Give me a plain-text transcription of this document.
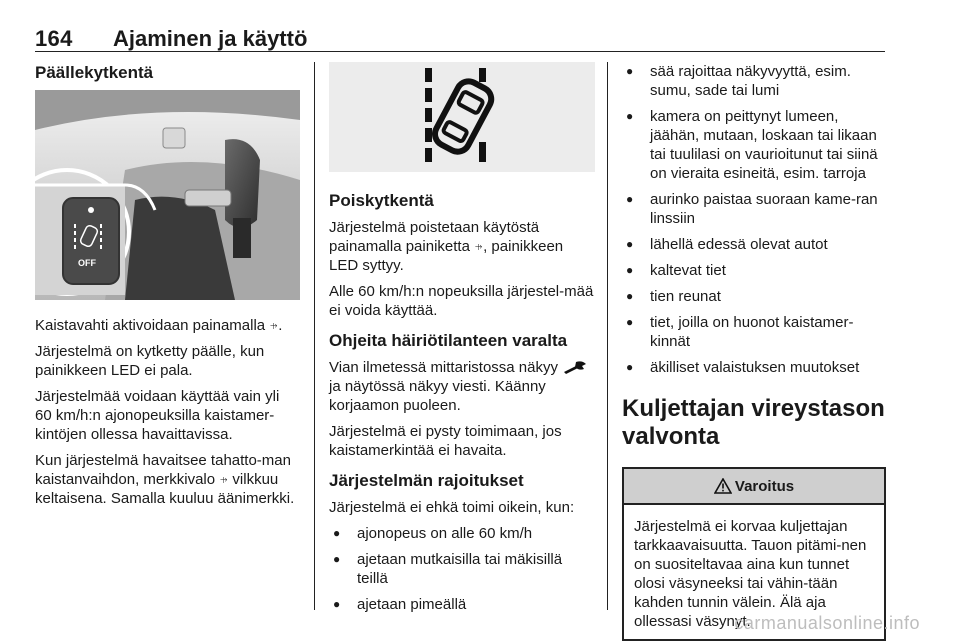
164 Ajaminen ja käyttö
Päällekytkentä
OFF

Kaistavahti aktivoidaan painamalla ⍆.

Järjestelmä on kytketty päälle, kun painikkeen LED ei pala.

Järjestelmää voidaan käyttää vain yli 60 km/h:n ajonopeuksilla kaistamer-kintöjen ollessa havaittavissa.

Kun järjestelmä havaitsee tahatto-man kaistanvaihdon, merkkivalo ⍆ vilkkuu keltaisena. Samalla kuuluu äänimerkki.

Poiskytkentä

Järjestelmä poistetaan käytöstä painamalla painiketta ⍆, painikkeen LED syttyy.

Alle 60 km/h:n nopeuksilla järjestel-mää ei voida käyttää.

Ohjeita häiriötilanteen varalta

Vian ilmetessä mittaristossa näkyy  ja näytössä näkyy viesti. Käänny korjaamon puoleen.

Järjestelmä ei pysty toimimaan, jos kaistamerkintää ei havaita.

Järjestelmän rajoitukset

Järjestelmä ei ehkä toimi oikein, kun:

● ajonopeus on alle 60 km/h
● ajetaan mutkaisilla tai mäkisillä teillä
● ajetaan pimeällä
● sää rajoittaa näkyvyyttä, esim. sumu, sade tai lumi
● kamera on peittynyt lumeen, jäähän, mutaan, loskaan tai likaan tai tuulilasi on vaurioitunut tai siinä on vieraita esineitä, esim. tarroja
● aurinko paistaa suoraan kame-ran linssiin
● lähellä edessä olevat autot
● kaltevat tiet
● tien reunat
● tiet, joilla on huonot kaistamer-kinnät
● äkilliset valaistuksen muutokset
Kuljettajan vireystason valvonta
Varoitus
Järjestelmä ei korvaa kuljettajan tarkkaavaisuutta. Tauon pitämi-nen on suositeltavaa aina kun tunnet olosi väsyneeksi tai vähin-tään kahden tunnin välein. Älä aja ollessasi väsynyt.
carmanualsonline.info
